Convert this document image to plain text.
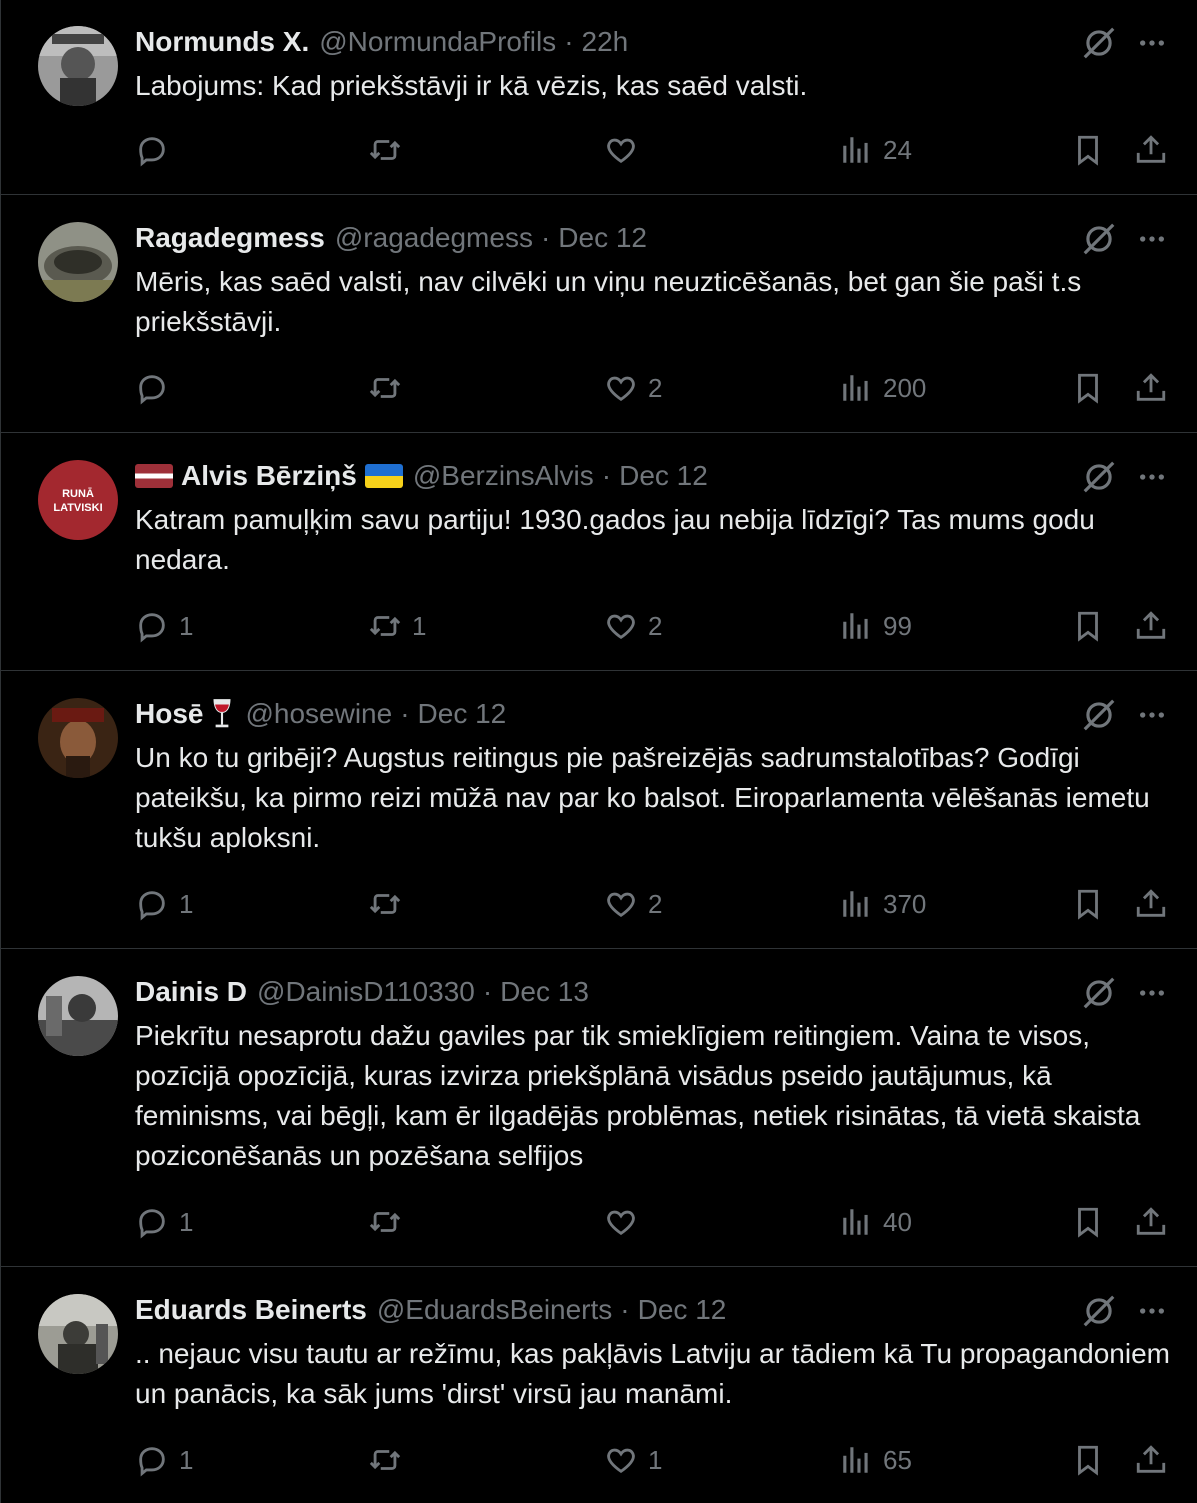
Normunds X. @NormundaProfils · 22h
Labojums: Kad priekšstāvji ir kā vēzis, kas saēd valsti.
24
Ragadegmess @ragadegmess · Dec 12
Mēris, kas saēd valsti, nav cilvēki un viņu neuzticēšanās, bet gan šie paši t.s priekšstāvji.
2	200
RUNĀ
LATVISKI
Alvis Bērziņš @BerzinsAlvis · Dec 12
Katram pamuļķim savu partiju! 1930.gados jau nebija līdzīgi? Tas mums godu nedara.
1	1	2	99
Hosē @hosewine · Dec 12
Un ko tu gribēji? Augstus reitingus pie pašreizējās sadrumstalotības? Godīgi pateikšu, ka pirmo reizi mūžā nav par ko balsot. Eiroparlamenta vēlēšanās iemetu tukšu aploksni.
1	2	370
Dainis D @DainisD110330 · Dec 13
Piekrītu nesaprotu dažu gaviles par tik smieklīgiem reitingiem. Vaina te visos, pozīcijā opozīcijā, kuras izvirza priekšplānā visādus pseido jautājumus, kā feminisms, vai bēgļi, kam ēr ilgadējās problēmas, netiek risinātas, tā vietā skaista poziconēšanās un pozēšana selfijos
1	40
Eduards Beinerts @EduardsBeinerts · Dec 12
.. nejauc visu tautu ar režīmu, kas pakļāvis Latviju ar tādiem kā Tu propagandoniem un panācis, ka sāk jums 'dirst' virsū jau manāmi.
1	1	65
